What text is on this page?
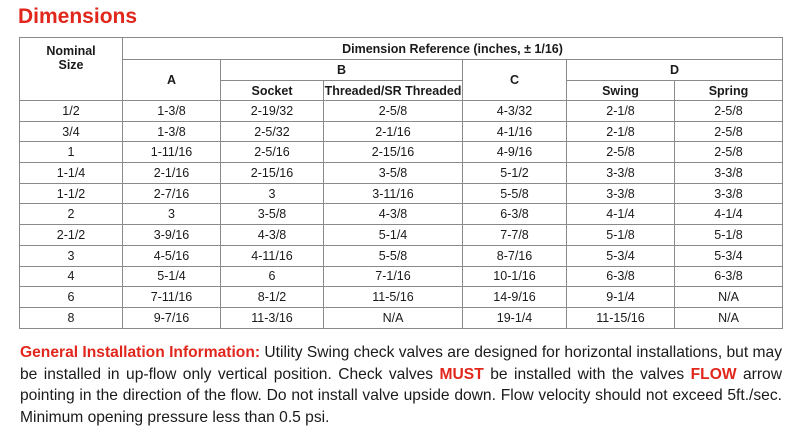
Dimensions
Nominal
Size	Dimension Reference (inches, ± 1/16)					
	A	B		C	D	
		Socket	Threaded/SR Threaded		Swing	Spring
1/2	1-3/8	2-19/32	2-5/8	4-3/32	2-1/8	2-5/8
3/4	1-3/8	2-5/32	2-1/16	4-1/16	2-1/8	2-5/8
1	1-11/16	2-5/16	2-15/16	4-9/16	2-5/8	2-5/8
1-1/4	2-1/16	2-15/16	3-5/8	5-1/2	3-3/8	3-3/8
1-1/2	2-7/16	3	3-11/16	5-5/8	3-3/8	3-3/8
2	3	3-5/8	4-3/8	6-3/8	4-1/4	4-1/4
2-1/2	3-9/16	4-3/8	5-1/4	7-7/8	5-1/8	5-1/8
3	4-5/16	4-11/16	5-5/8	8-7/16	5-3/4	5-3/4
4	5-1/4	6	7-1/16	10-1/16	6-3/8	6-3/8
6	7-11/16	8-1/2	11-5/16	14-9/16	9-1/4	N/A
8	9-7/16	11-3/16	N/A	19-1/4	11-15/16	N/A

General Installation Information: Utility Swing check valves are designed for horizontal installations, but may be installed in up-flow only vertical position. Check valves MUST be installed with the valves FLOW arrow pointing in the direction of the flow. Do not install valve upside down. Flow velocity should not exceed 5ft./sec. Minimum opening pressure less than 0.5 psi.
